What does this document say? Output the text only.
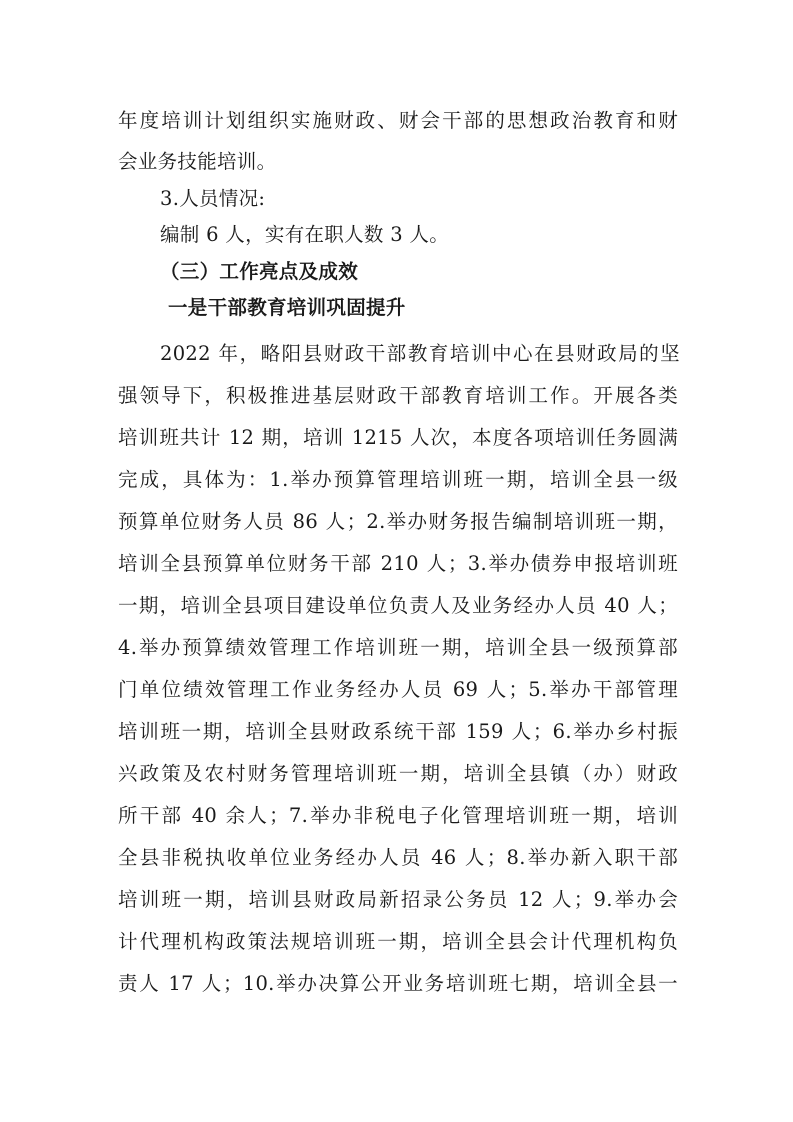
年度培训计划组织实施财政、财会干部的思想政治教育和财
会业务技能培训。
3.人员情况:
编制 6 人，实有在职人数 3 人。
（三）工作亮点及成效
一是干部教育培训巩固提升
2022 年，略阳县财政干部教育培训中心在县财政局的坚
强领导下，积极推进基层财政干部教育培训工作。开展各类
培训班共计 12 期，培训 1215 人次，本度各项培训任务圆满
完成，具体为：1.举办预算管理培训班一期，培训全县一级
预算单位财务人员 86 人；2.举办财务报告编制培训班一期，
培训全县预算单位财务干部 210 人；3.举办债券申报培训班
一期，培训全县项目建设单位负责人及业务经办人员 40 人；
4.举办预算绩效管理工作培训班一期，培训全县一级预算部
门单位绩效管理工作业务经办人员 69 人；5.举办干部管理
培训班一期，培训全县财政系统干部 159 人；6.举办乡村振
兴政策及农村财务管理培训班一期，培训全县镇（办）财政
所干部 40 余人；7.举办非税电子化管理培训班一期，培训
全县非税执收单位业务经办人员 46 人；8.举办新入职干部
培训班一期，培训县财政局新招录公务员 12 人；9.举办会
计代理机构政策法规培训班一期，培训全县会计代理机构负
责人 17 人；10.举办决算公开业务培训班七期，培训全县一
